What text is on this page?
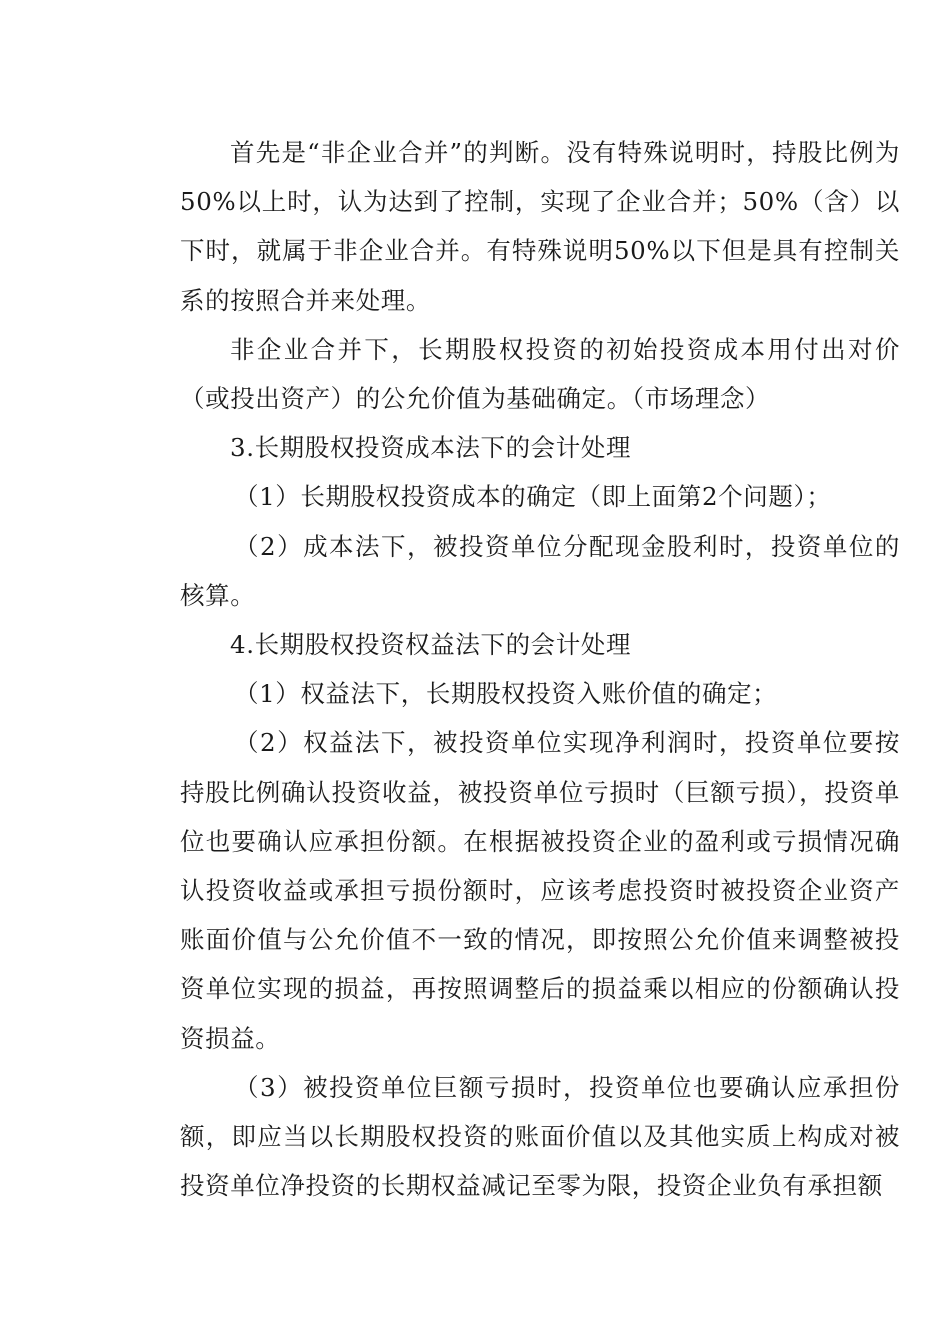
首先是“非企业合并”的判断。没有特殊说明时，持股比例为50%以上时，认为达到了控制，实现了企业合并；50%（含）以下时，就属于非企业合并。有特殊说明50%以下但是具有控制关系的按照合并来处理。

非企业合并下，长期股权投资的初始投资成本用付出对价（或投出资产）的公允价值为基础确定。（市场理念）

3.长期股权投资成本法下的会计处理

（1）长期股权投资成本的确定（即上面第2个问题）；

（2）成本法下，被投资单位分配现金股利时，投资单位的核算。

4.长期股权投资权益法下的会计处理

（1）权益法下，长期股权投资入账价值的确定；

（2）权益法下，被投资单位实现净利润时，投资单位要按持股比例确认投资收益，被投资单位亏损时（巨额亏损），投资单位也要确认应承担份额。在根据被投资企业的盈利或亏损情况确认投资收益或承担亏损份额时，应该考虑投资时被投资企业资产账面价值与公允价值不一致的情况，即按照公允价值来调整被投资单位实现的损益，再按照调整后的损益乘以相应的份额确认投资损益。

（3）被投资单位巨额亏损时，投资单位也要确认应承担份额，即应当以长期股权投资的账面价值以及其他实质上构成对被投资单位净投资的长期权益减记至零为限，投资企业负有承担额
